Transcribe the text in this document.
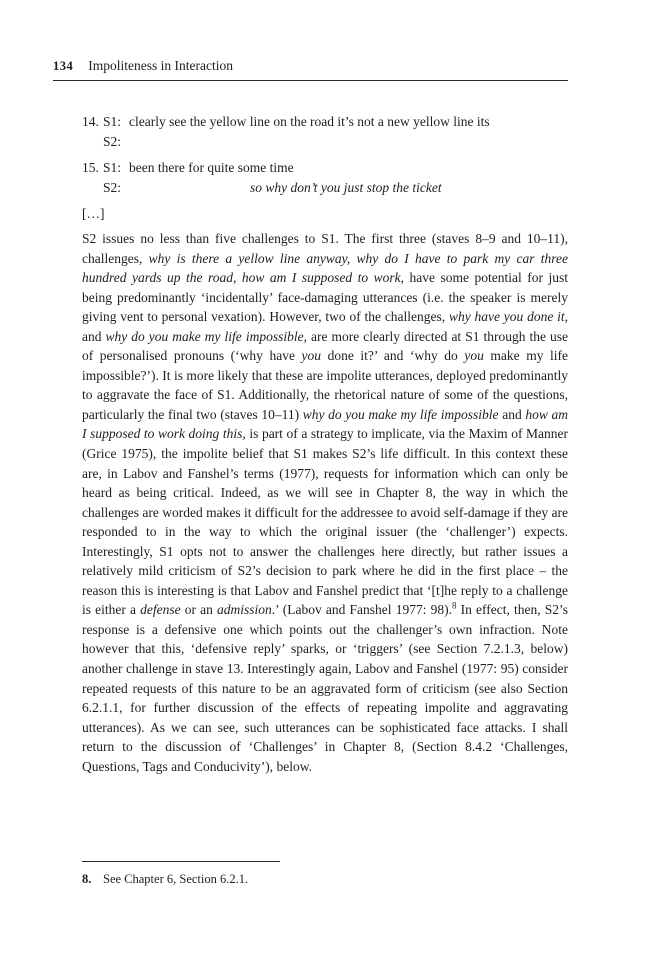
134 Impoliteness in Interaction
14. S1: clearly see the yellow line on the road it’s not a new yellow line its
S2:
15. S1: been there for quite some time
S2:	so why don’t you just stop the ticket
[…]

S2 issues no less than five challenges to S1. The first three (staves 8–9 and 10–11), challenges, why is there a yellow line anyway, why do I have to park my car three hundred yards up the road, how am I supposed to work, have some potential for just being predominantly ‘incidentally’ face-damaging utterances (i.e. the speaker is merely giving vent to personal vexation). However, two of the challenges, why have you done it, and why do you make my life impossible, are more clearly directed at S1 through the use of personalised pronouns (‘why have you done it?’ and ‘why do you make my life impossible?’). It is more likely that these are impolite utterances, deployed predominantly to aggravate the face of S1. Additionally, the rhetorical nature of some of the questions, particularly the final two (staves 10–11) why do you make my life impossible and how am I supposed to work doing this, is part of a strategy to implicate, via the Maxim of Manner (Grice 1975), the impolite belief that S1 makes S2’s life difficult. In this context these are, in Labov and Fanshel’s terms (1977), requests for information which can only be heard as being critical. Indeed, as we will see in Chapter 8, the way in which the challenges are worded makes it difficult for the addressee to avoid self-damage if they are responded to in the way to which the original issuer (the ‘challenger’) expects. Interestingly, S1 opts not to answer the challenges here directly, but rather issues a relatively mild criticism of S2’s decision to park where he did in the first place – the reason this is interesting is that Labov and Fanshel predict that ‘[t]he reply to a challenge is either a defense or an admission.’ (Labov and Fanshel 1977: 98).$^8$ In effect, then, S2’s response is a defensive one which points out the challenger’s own infraction. Note however that this, ‘defensive reply’ sparks, or ‘triggers’ (see Section 7.2.1.3, below) another challenge in stave 13. Interestingly again, Labov and Fanshel (1977: 95) consider repeated requests of this nature to be an aggravated form of criticism (see also Section 6.2.1.1, for further discussion of the effects of repeating impolite and aggravating utterances). As we can see, such utterances can be sophisticated face attacks. I shall return to the discussion of ‘Challenges’ in Chapter 8, (Section 8.4.2 ‘Challenges, Questions, Tags and Conducivity’), below.

8. See Chapter 6, Section 6.2.1.
